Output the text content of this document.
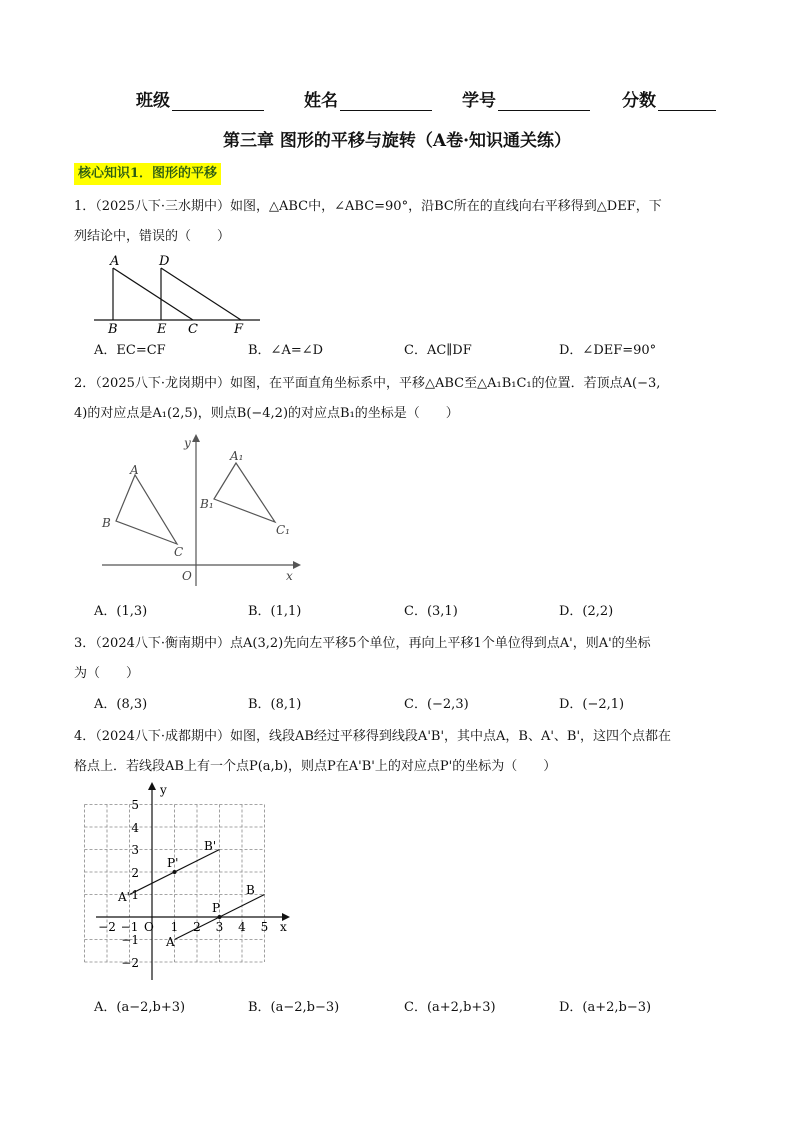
班级	姓名	学号	分数
第三章 图形的平移与旋转（A卷·知识通关练）
核心知识1．图形的平移
1．（2025八下·三水期中）如图，△ABC中，∠ABC=90°，沿BC所在的直线向右平移得到△DEF，下
列结论中，错误的（　　）
A	D
B	E C	F
A．EC=CF	B．∠A=∠D	C．AC∥DF	D．∠DEF=90°
2．（2025八下·龙岗期中）如图，在平面直角坐标系中，平移△ABC至△A₁B₁C₁的位置．若顶点A(−3,
4)的对应点是A₁(2,5)，则点B(−4,2)的对应点B₁的坐标是（　　）
y
A
B
C
A₁
B₁
C₁
O	x
A．(1,3)	B．(1,1)	C．(3,1)	D．(2,2)
3．（2024八下·衡南期中）点A(3,2)先向左平移5个单位，再向上平移1个单位得到点A'，则A'的坐标
为（　　）
A．(8,3)	B．(8,1)	C．(−2,3)	D．(−2,1)
4．（2024八下·成都期中）如图，线段AB经过平移得到线段A'B'，其中点A，B、A'、B'，这四个点都在
格点上．若线段AB上有一个点P(a,b)，则点P在A'B'上的对应点P'的坐标为（　　）
5
4
3
2
1
−1
−2
−2 −1	1 2 3 4 5
O	x
y
A'
B'
P'
A
B
P
A．(a−2,b+3)	B．(a−2,b−3)	C．(a+2,b+3)	D．(a+2,b−3)
